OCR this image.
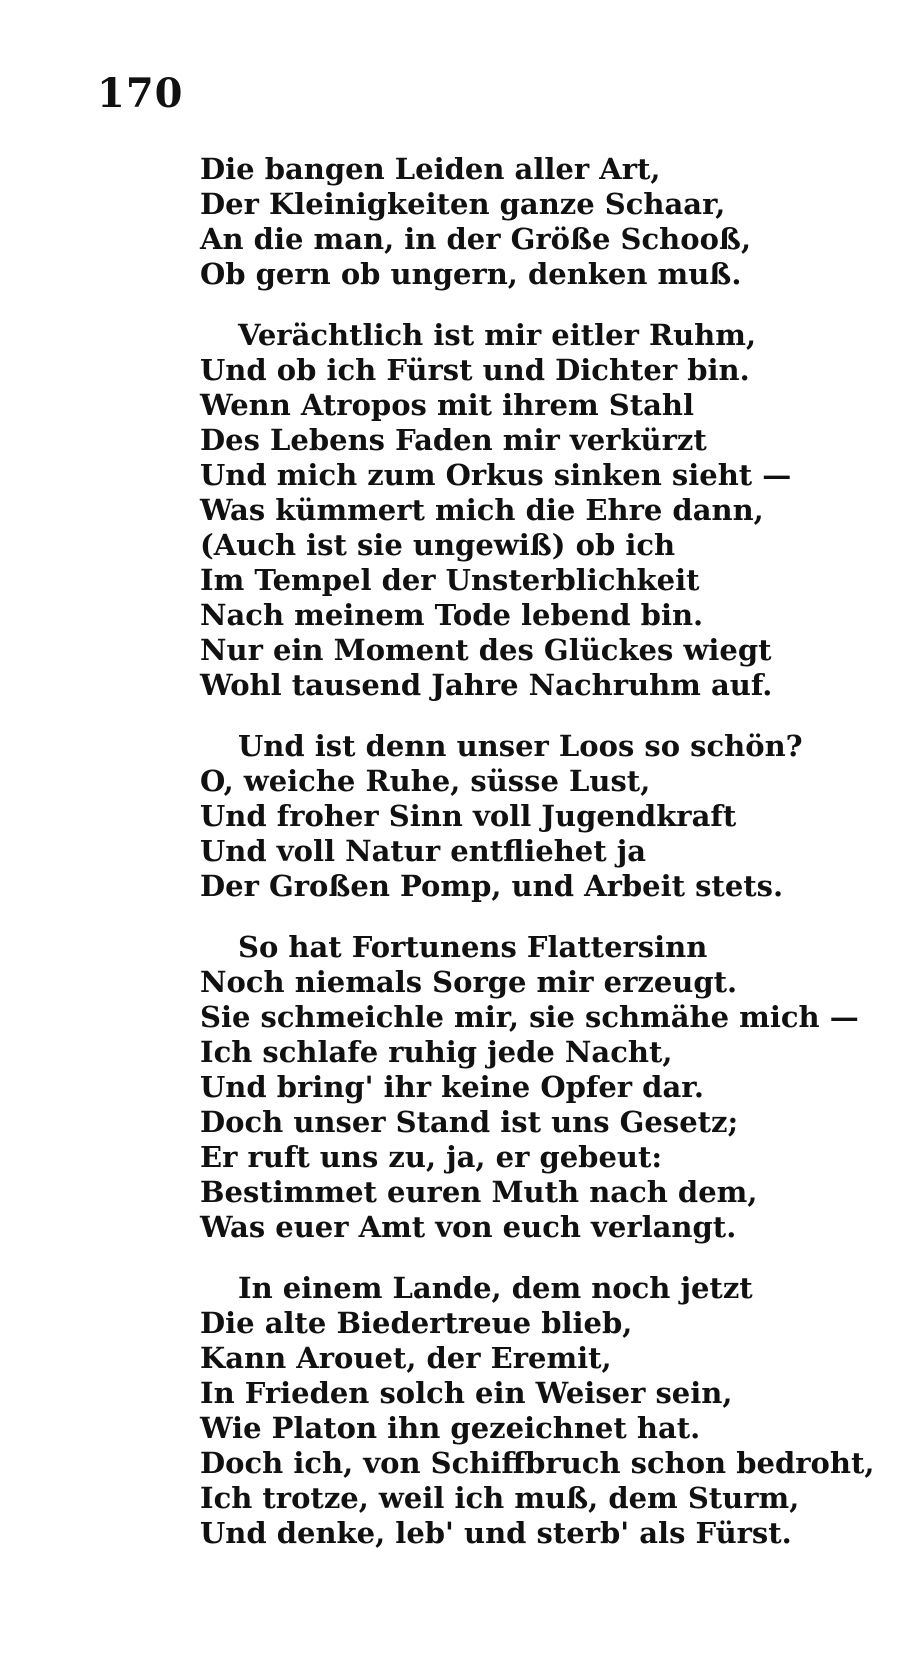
170
Die bangen Leiden aller Art,
Der Kleinigkeiten ganze Schaar,
An die man, in der Größe Schooß,
Ob gern ob ungern, denken muß.
Verächtlich ist mir eitler Ruhm,
Und ob ich Fürst und Dichter bin.
Wenn Atropos mit ihrem Stahl
Des Lebens Faden mir verkürzt
Und mich zum Orkus sinken sieht —
Was kümmert mich die Ehre dann,
(Auch ist sie ungewiß) ob ich
Im Tempel der Unsterblichkeit
Nach meinem Tode lebend bin.
Nur ein Moment des Glückes wiegt
Wohl tausend Jahre Nachruhm auf.
Und ist denn unser Loos so schön?
O, weiche Ruhe, süsse Lust,
Und froher Sinn voll Jugendkraft
Und voll Natur entfliehet ja
Der Großen Pomp, und Arbeit stets.
So hat Fortunens Flattersinn
Noch niemals Sorge mir erzeugt.
Sie schmeichle mir, sie schmähe mich —
Ich schlafe ruhig jede Nacht,
Und bring' ihr keine Opfer dar.
Doch unser Stand ist uns Gesetz;
Er ruft uns zu, ja, er gebeut:
Bestimmet euren Muth nach dem,
Was euer Amt von euch verlangt.
In einem Lande, dem noch jetzt
Die alte Biedertreue blieb,
Kann Arouet, der Eremit,
In Frieden solch ein Weiser sein,
Wie Platon ihn gezeichnet hat.
Doch ich, von Schiffbruch schon bedroht,
Ich trotze, weil ich muß, dem Sturm,
Und denke, leb' und sterb' als Fürst.
